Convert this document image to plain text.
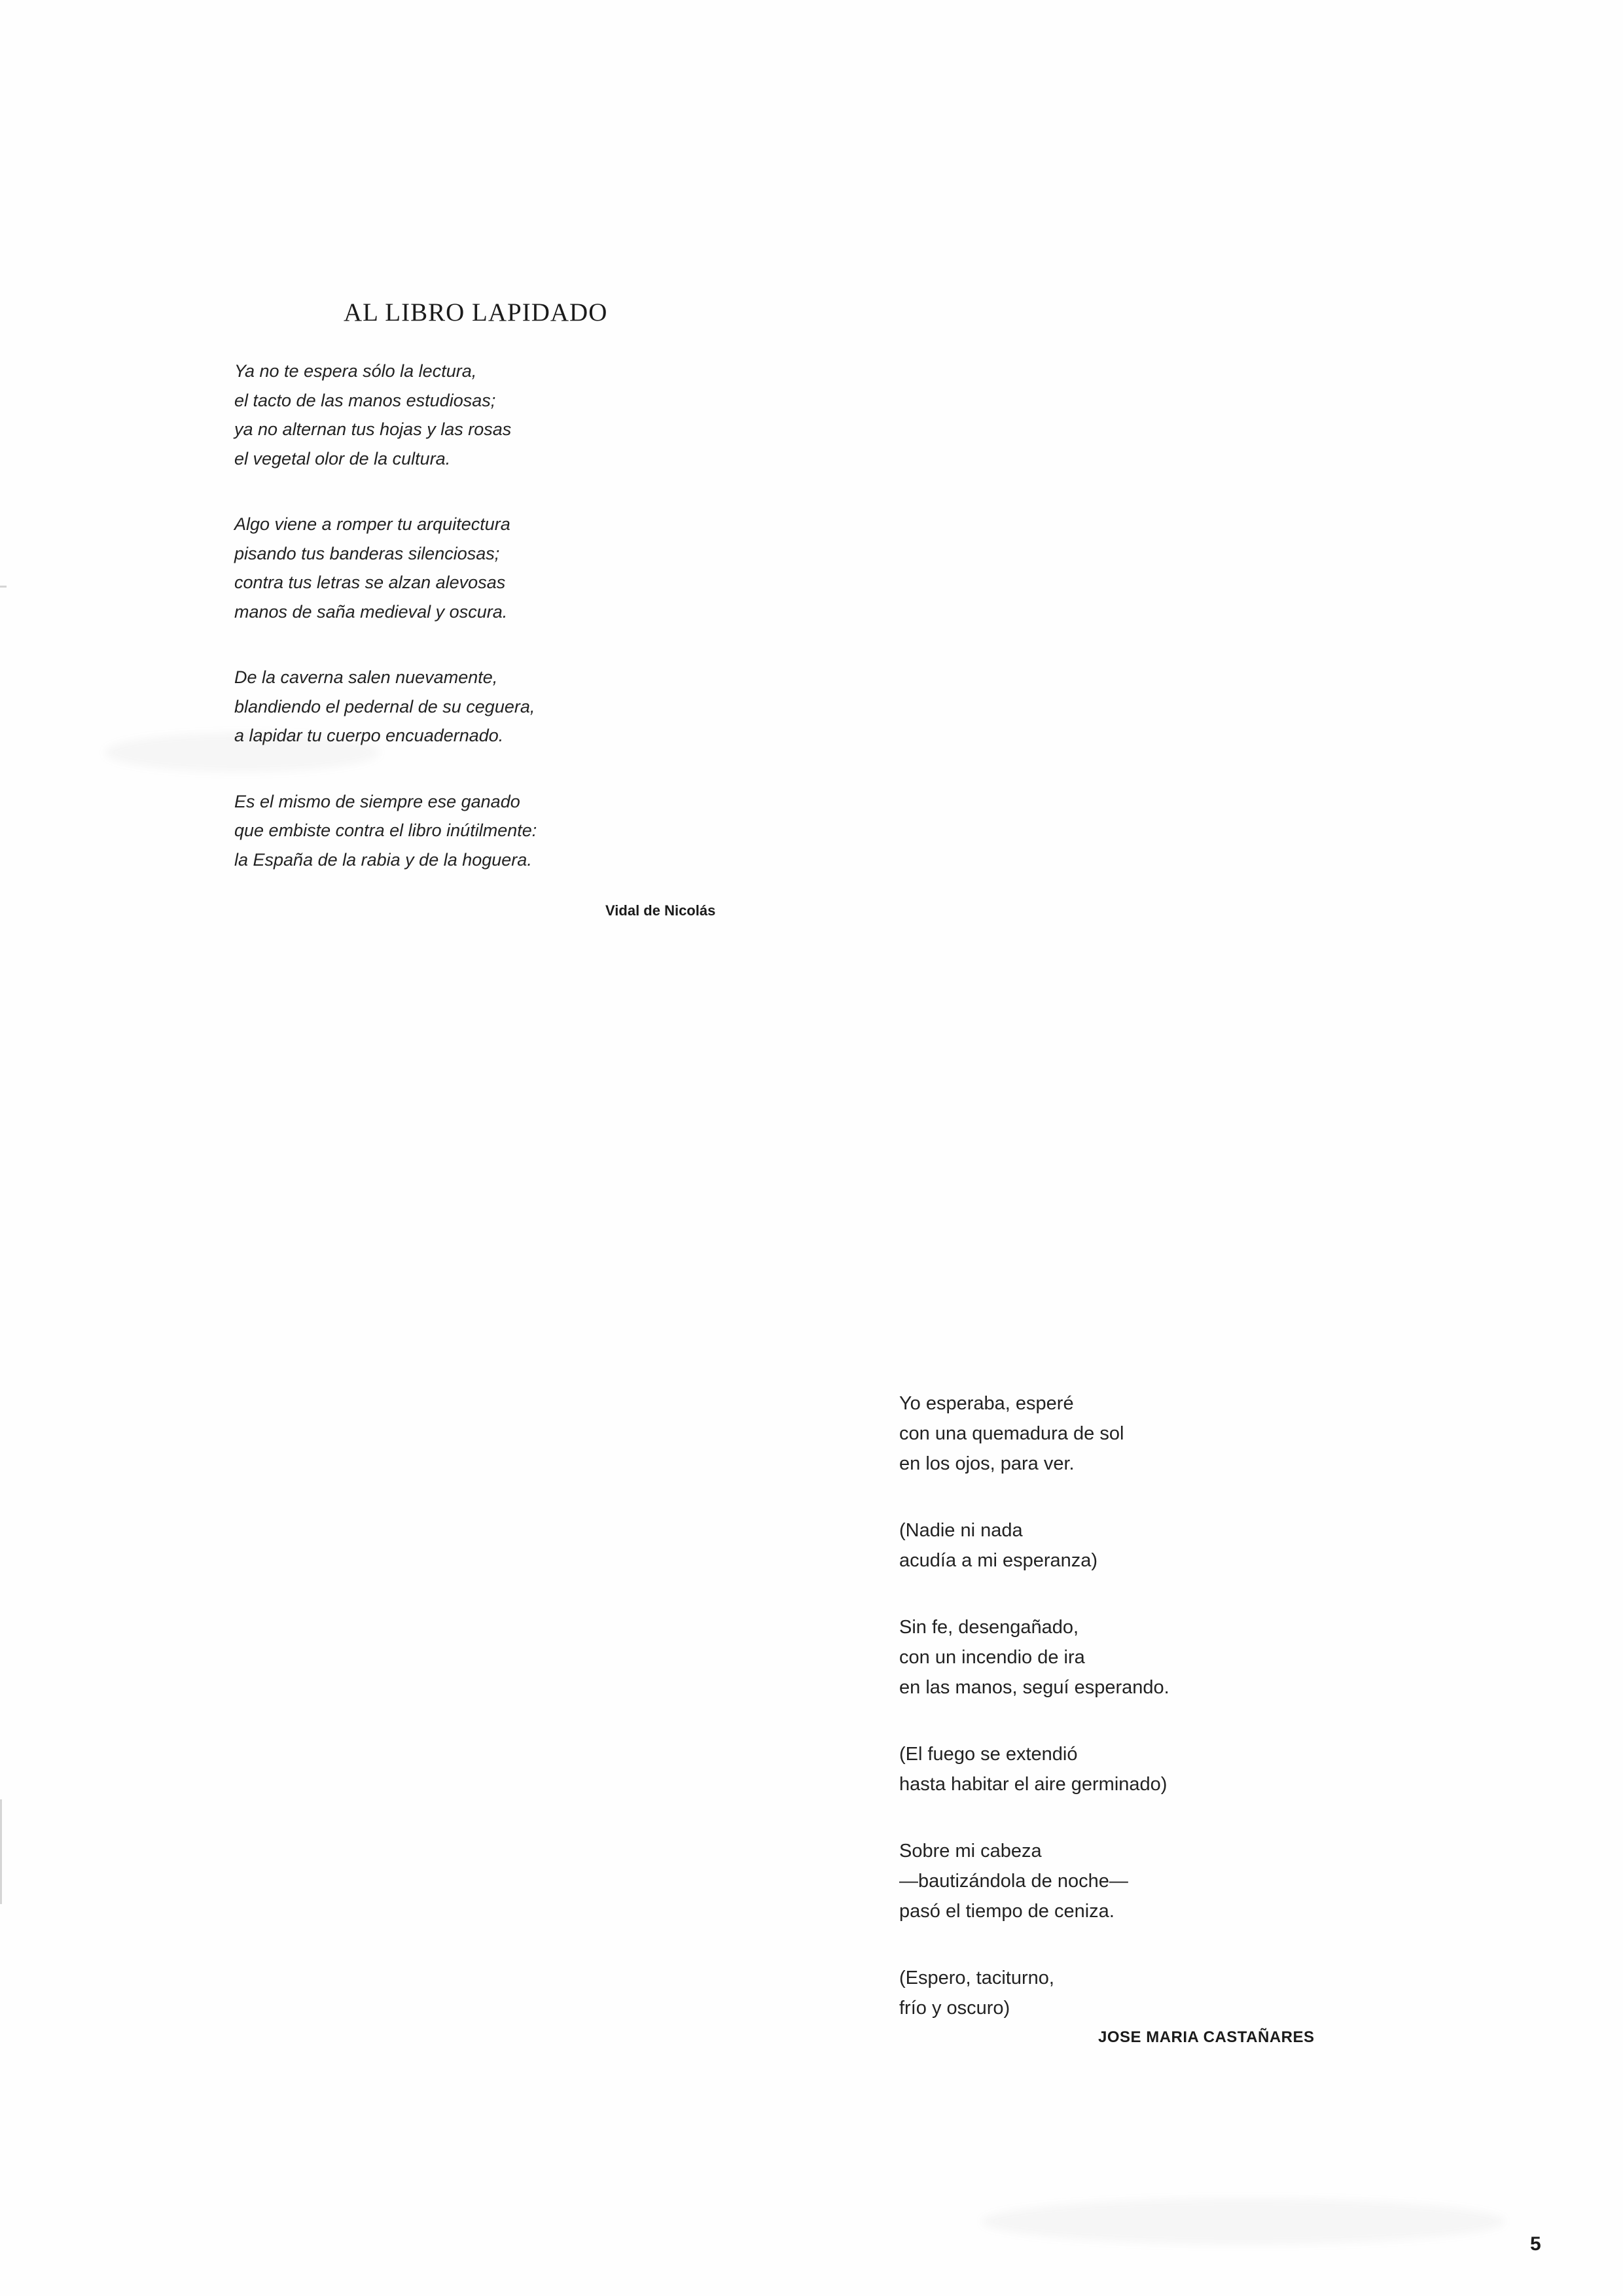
AL LIBRO LAPIDADO
Ya no te espera sólo la lectura,
el tacto de las manos estudiosas;
ya no alternan tus hojas y las rosas
el vegetal olor de la cultura.
Algo viene a romper tu arquitectura
pisando tus banderas silenciosas;
contra tus letras se alzan alevosas
manos de saña medieval y oscura.
De la caverna salen nuevamente,
blandiendo el pedernal de su ceguera,
a lapidar tu cuerpo encuadernado.
Es el mismo de siempre ese ganado
que embiste contra el libro inútilmente:
la España de la rabia y de la hoguera.
Vidal de Nicolás
Yo esperaba, esperé
con una quemadura de sol
en los ojos, para ver.
(Nadie ni nada
acudía a mi esperanza)
Sin fe, desengañado,
con un incendio de ira
en las manos, seguí esperando.
(El fuego se extendió
hasta habitar el aire germinado)
Sobre mi cabeza
—bautizándola de noche—
pasó el tiempo de ceniza.
(Espero, taciturno,
frío y oscuro)
JOSE MARIA CASTAÑARES
5
